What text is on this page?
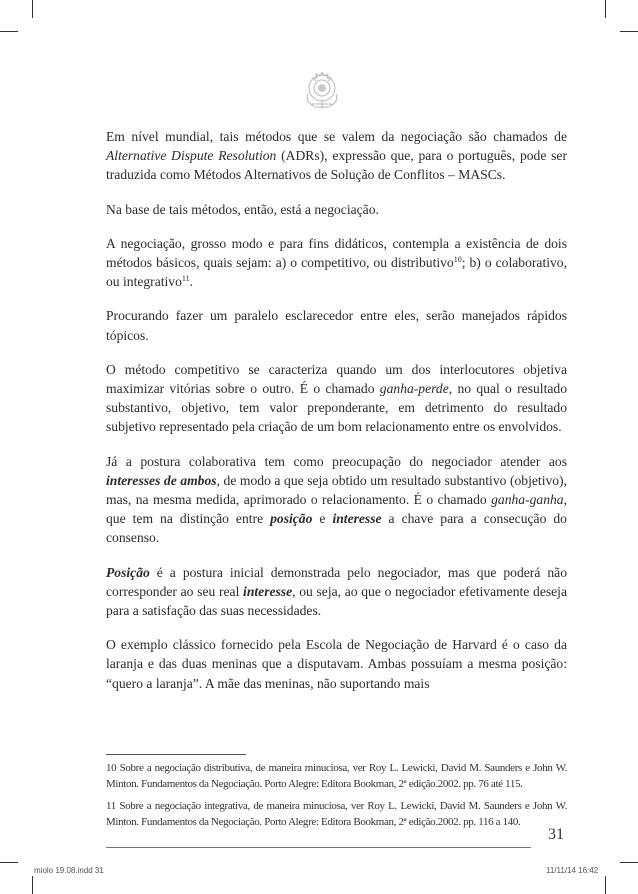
Em nível mundial, tais métodos que se valem da negociação são chamados de Alternative Dispute Resolution (ADRs), expressão que, para o português, pode ser traduzida como Métodos Alternativos de Solução de Conflitos – MASCs.

Na base de tais métodos, então, está a negociação.

A negociação, grosso modo e para fins didáticos, contempla a existência de dois métodos básicos, quais sejam: a) o competitivo, ou distributivo$^{10}$; b) o colaborativo, ou integrativo$^{11}$.

Procurando fazer um paralelo esclarecedor entre eles, serão manejados rápidos tópicos.

O método competitivo se caracteriza quando um dos interlocutores objetiva maximizar vitórias sobre o outro. É o chamado ganha-perde, no qual o resultado substantivo, objetivo, tem valor preponderante, em detrimento do resultado subjetivo representado pela criação de um bom relacionamento entre os envolvidos.

Já a postura colaborativa tem como preocupação do negociador atender aos interesses de ambos, de modo a que seja obtido um resultado substantivo (objetivo), mas, na mesma medida, aprimorado o relacionamento. É o chamado ganha-ganha, que tem na distinção entre posição e interesse a chave para a consecução do consenso.

Posição é a postura inicial demonstrada pelo negociador, mas que poderá não corresponder ao seu real interesse, ou seja, ao que o negociador efetivamente deseja para a satisfação das suas necessidades.

O exemplo clássico fornecido pela Escola de Negociação de Harvard é o caso da laranja e das duas meninas que a disputavam. Ambas possuíam a mesma posição: “quero a laranja”. A mãe das meninas, não suportando mais

10 Sobre a negociação distributiva, de maneira minuciosa, ver Roy L. Lewicki, David M. Saunders e John W. Minton. Fundamentos da Negociação. Porto Alegre: Editora Bookman, 2ª edição.2002. pp. 76 até 115.

11 Sobre a negociação integrativa, de maneira minuciosa, ver Roy L. Lewicki, David M. Saunders e John W. Minton. Fundamentos da Negociação. Porto Alegre: Editora Bookman, 2ª edição.2002. pp. 116 a 140.

31
miolo 19.08.indd 31	11/11/14 16:42
